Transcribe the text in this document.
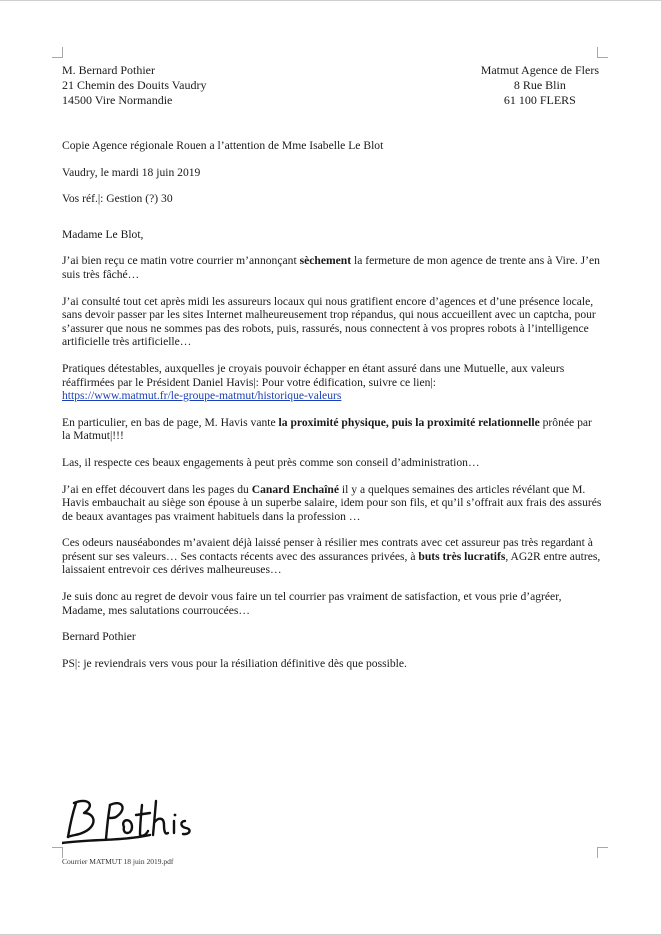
M. Bernard Pothier
21 Chemin des Douits Vaudry
14500 Vire Normandie
Matmut Agence de Flers
8 Rue Blin
61 100 FLERS

Copie Agence régionale Rouen a l’attention de Mme Isabelle Le Blot

Vaudry, le mardi 18 juin 2019

Vos réf.|: Gestion (?) 30

Madame Le Blot,

J’ai bien reçu ce matin votre courrier m’annonçant sèchement la fermeture de mon agence de trente ans à Vire. J’en suis très fâché…

J’ai consulté tout cet après midi les assureurs locaux qui nous gratifient encore d’agences et d’une présence locale, sans devoir passer par les sites Internet malheureusement trop répandus, qui nous accueillent avec un captcha, pour s’assurer que nous ne sommes pas des robots, puis, rassurés, nous connectent à vos propres robots à l’intelligence artificielle très artificielle…

Pratiques détestables, auxquelles je croyais pouvoir échapper en étant assuré dans une Mutuelle, aux valeurs réaffirmées par le Président Daniel Havis|: Pour votre édification, suivre ce lien|:
https://www.matmut.fr/le-groupe-matmut/historique-valeurs

En particulier, en bas de page, M. Havis vante la proximité physique, puis la proximité relationnelle prônée par la Matmut|!!!

Las, il respecte ces beaux engagements à peut près comme son conseil d’administration…

J’ai en effet découvert dans les pages du Canard Enchaîné il y a quelques semaines des articles révélant que M. Havis embauchait au siège son épouse à un superbe salaire, idem pour son fils, et qu’il s’offrait aux frais des assurés de beaux avantages pas vraiment habituels dans la profession …

Ces odeurs nauséabondes m’avaient déjà laissé penser à résilier mes contrats avec cet assureur pas très regardant à présent sur ses valeurs… Ses contacts récents avec des assurances privées, à buts très lucratifs, AG2R entre autres, laissaient entrevoir ces dérives malheureuses…

Je suis donc au regret de devoir vous faire un tel courrier pas vraiment de satisfaction, et vous prie d’agréer, Madame, mes salutations courroucées…

Bernard Pothier

PS|: je reviendrais vers vous pour la résiliation définitive dès que possible.

Courrier MATMUT 18 juin 2019.pdf
